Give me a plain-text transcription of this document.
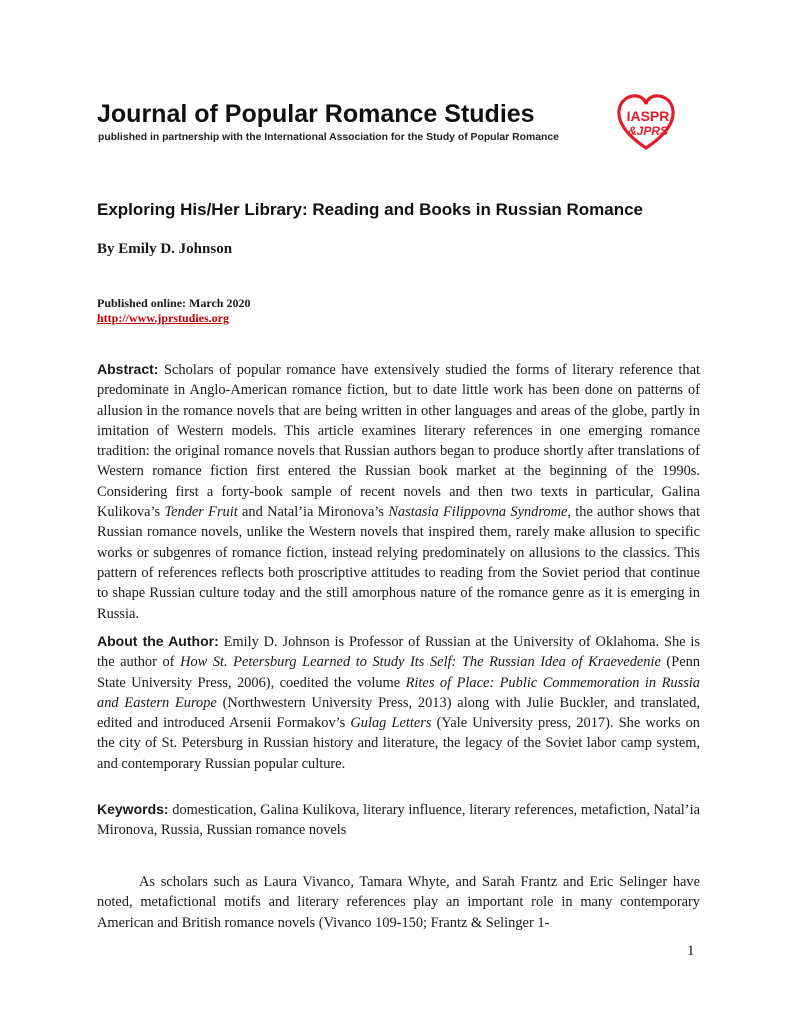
Journal of Popular Romance Studies
published in partnership with the International Association for the Study of Popular Romance
IASPR
&JPRS
Exploring His/Her Library: Reading and Books in Russian Romance
By Emily D. Johnson
Published online: March 2020
http://www.jprstudies.org

Abstract: Scholars of popular romance have extensively studied the forms of literary reference that predominate in Anglo-American romance fiction, but to date little work has been done on patterns of allusion in the romance novels that are being written in other languages and areas of the globe, partly in imitation of Western models. This article examines literary references in one emerging romance tradition: the original romance novels that Russian authors began to produce shortly after translations of Western romance fiction first entered the Russian book market at the beginning of the 1990s. Considering first a forty-book sample of recent novels and then two texts in particular, Galina Kulikova’s Tender Fruit and Natal’ia Mironova’s Nastasia Filippovna Syndrome, the author shows that Russian romance novels, unlike the Western novels that inspired them, rarely make allusion to specific works or subgenres of romance fiction, instead relying predominately on allusions to the classics. This pattern of references reflects both proscriptive attitudes to reading from the Soviet period that continue to shape Russian culture today and the still amorphous nature of the romance genre as it is emerging in Russia.

About the Author: Emily D. Johnson is Professor of Russian at the University of Oklahoma. She is the author of How St. Petersburg Learned to Study Its Self: The Russian Idea of Kraevedenie (Penn State University Press, 2006), coedited the volume Rites of Place: Public Commemoration in Russia and Eastern Europe (Northwestern University Press, 2013) along with Julie Buckler, and translated, edited and introduced Arsenii Formakov’s Gulag Letters (Yale University press, 2017). She works on the city of St. Petersburg in Russian history and literature, the legacy of the Soviet labor camp system, and contemporary Russian popular culture.

Keywords: domestication, Galina Kulikova, literary influence, literary references, metafiction, Natal’ia Mironova, Russia, Russian romance novels

As scholars such as Laura Vivanco, Tamara Whyte, and Sarah Frantz and Eric Selinger have noted, metafictional motifs and literary references play an important role in many contemporary American and British romance novels (Vivanco 109-150; Frantz & Selinger 1-

1
